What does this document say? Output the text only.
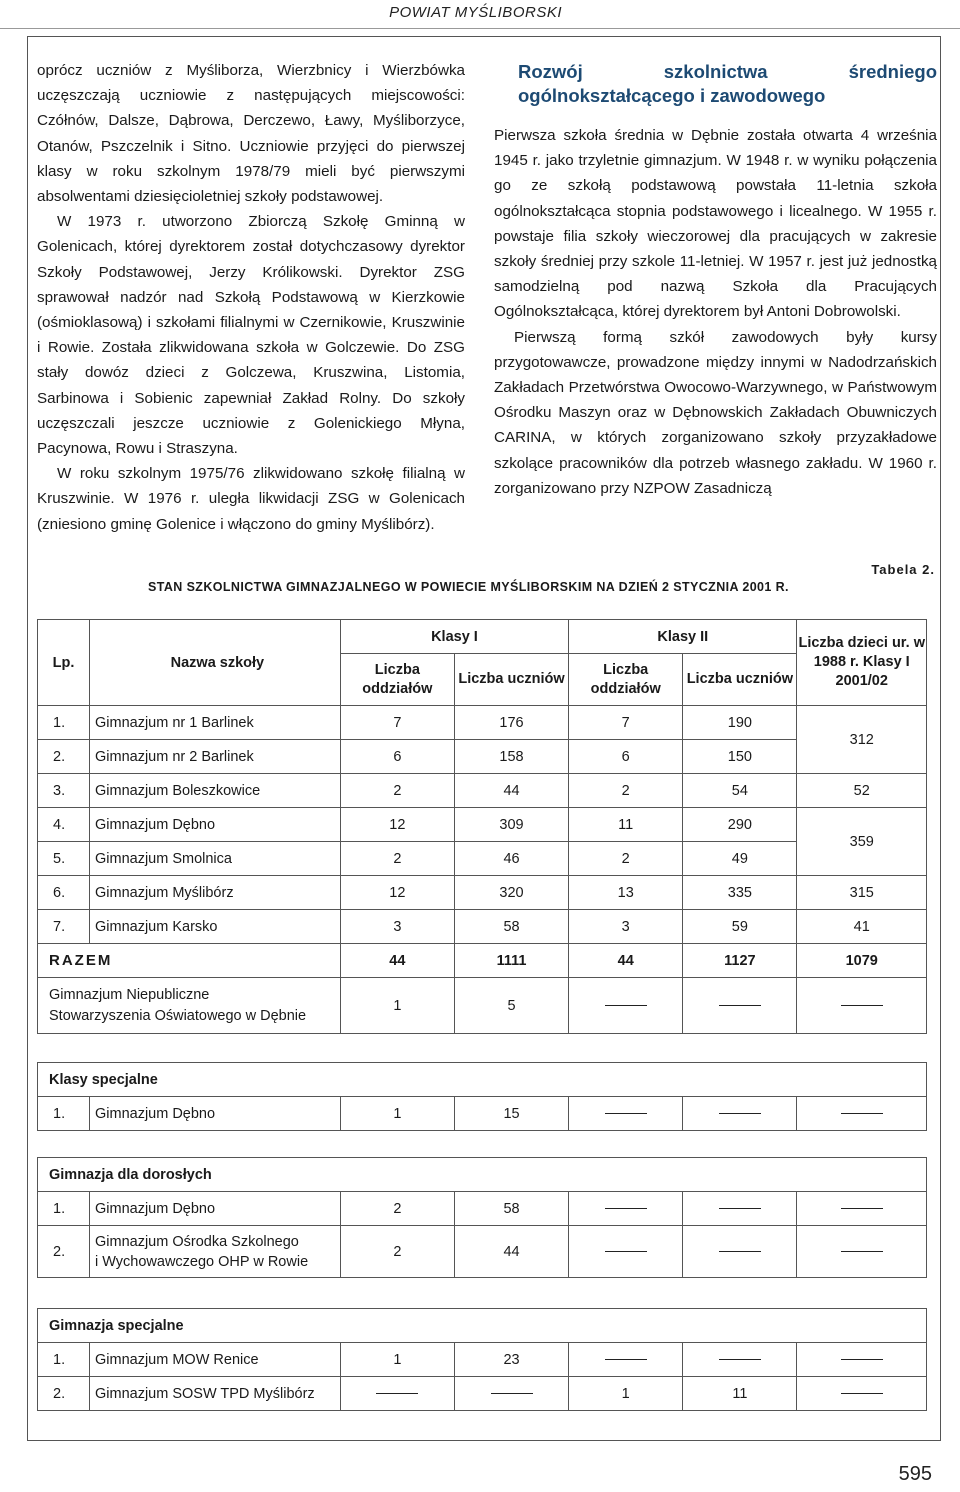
POWIAT MYŚLIBORSKI

oprócz uczniów z Myśliborza, Wierzbnicy i Wierzbówka uczęszczają uczniowie z następujących miejscowości: Czółnów, Dalsze, Dąbrowa, Derczewo, Ławy, Myśliborzyce, Otanów, Pszczelnik i Sitno. Uczniowie przyjęci do pierwszej klasy w roku szkolnym 1978/79 mieli być pierwszymi absolwentami dziesięcioletniej szkoły podstawowej.

W 1973 r. utworzono Zbiorczą Szkołę Gminną w Golenicach, której dyrektorem został dotychczasowy dyrektor Szkoły Podstawowej, Jerzy Królikowski. Dyrektor ZSG sprawował nadzór nad Szkołą Podstawową w Kierzkowie (ośmioklasową) i szkołami filialnymi w Czernikowie, Kruszwinie i Rowie. Została zlikwidowana szkoła w Golczewie. Do ZSG stały dowóz dzieci z Golczewa, Kruszwina, Listomia, Sarbinowa i Sobienic zapewniał Zakład Rolny. Do szkoły uczęszczali jeszcze uczniowie z Golenickiego Młyna, Pacynowa, Rowu i Straszyna.

W roku szkolnym 1975/76 zlikwidowano szkołę filialną w Kruszwinie. W 1976 r. uległa likwidacji ZSG w Golenicach (zniesiono gminę Golenice i włączono do gminy Myślibórz).

Rozwój szkolnictwa średniego ogólnokształcącego i zawodowego

Pierwsza szkoła średnia w Dębnie została otwarta 4 września 1945 r. jako trzyletnie gimnazjum. W 1948 r. w wyniku połączenia go ze szkołą podstawową powstała 11-letnia szkoła ogólnokształcąca stopnia podstawowego i licealnego. W 1955 r. powstaje filia szkoły wieczorowej dla pracujących w zakresie szkoły średniej przy szkole 11-letniej. W 1957 r. jest już jednostką samodzielną pod nazwą Szkoła dla Pracujących Ogólnokształcąca, której dyrektorem był Antoni Dobrowolski.

Pierwszą formą szkół zawodowych były kursy przygotowawcze, prowadzone między innymi w Nadodrzańskich Zakładach Przetwórstwa Owocowo-Warzywnego, w Państwowym Ośrodku Maszyn oraz w Dębnowskich Zakładach Obuwniczych CARINA, w których zorganizowano szkoły przyzakładowe szkolące pracowników dla potrzeb własnego zakładu. W 1960 r. zorganizowano przy NZPOW Zasadniczą

Tabela 2.
STAN SZKOLNICTWA GIMNAZJALNEGO W POWIECIE MYŚLIBORSKIM NA DZIEŃ 2 STYCZNIA 2001 R.
Lp.	Nazwa szkoły	Klasy I		Klasy II		Liczba dzieci ur. w 1988 r. Klasy I 2001/02
		Liczba oddziałów	Liczba uczniów	Liczba oddziałów	Liczba uczniów	
1.	Gimnazjum nr 1 Barlinek	7	176	7	190	312
2.	Gimnazjum nr 2 Barlinek	6	158	6	150	
3.	Gimnazjum Boleszkowice	2	44	2	54	52
4.	Gimnazjum Dębno	12	309	11	290	359
5.	Gimnazjum Smolnica	2	46	2	49	
6.	Gimnazjum Myślibórz	12	320	13	335	315
7.	Gimnazjum Karsko	3	58	3	59	41
RAZEM		44	1111	44	1127	1079
Gimnazjum Niepubliczne
Stowarzyszenia Oświatowego w Dębnie		1	5			
Klasy specjalne
1.	Gimnazjum Dębno	1	15			
Gimnazja dla dorosłych						
1.	Gimnazjum Dębno	2	58			
2.	Gimnazjum Ośrodka Szkolnego
i Wychowawczego OHP w Rowie	2	44			
Gimnazja specjalne						
1.	Gimnazjum MOW Renice	1	23			
2.	Gimnazjum SOSW TPD Myślibórz			1	11	
595
